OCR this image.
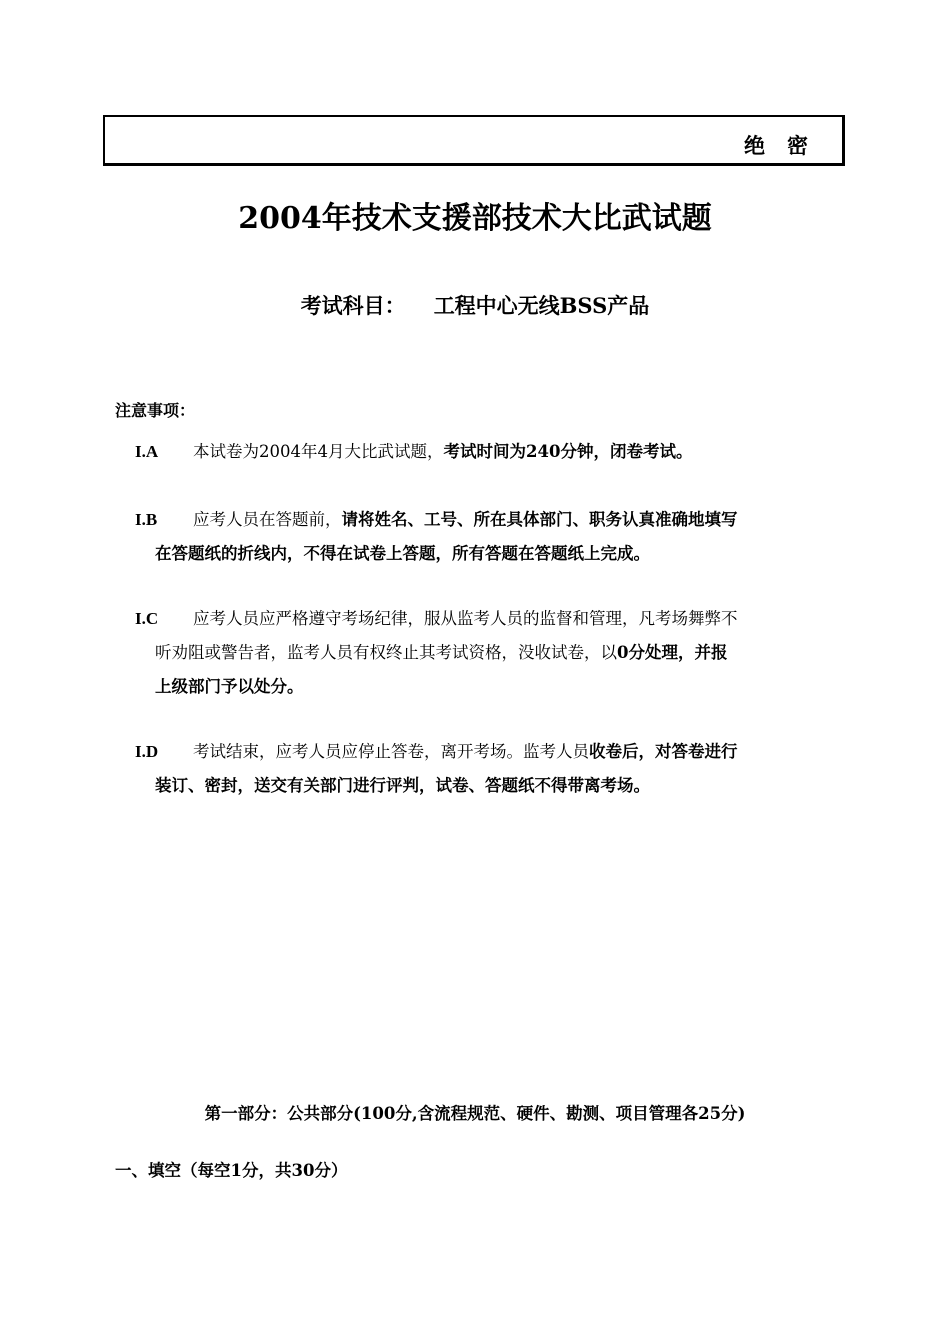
绝密
2004年技术支援部技术大比武试题
考试科目： 工程中心无线BSS产品
注意事项：
I.A	本试卷为2004年4月大比武试题，考试时间为240分钟，闭卷考试。
I.B	应考人员在答题前，请将姓名、工号、所在具体部门、职务认真准确地填写
在答题纸的折线内，不得在试卷上答题，所有答题在答题纸上完成。
I.C	应考人员应严格遵守考场纪律，服从监考人员的监督和管理，凡考场舞弊不
听劝阻或警告者，监考人员有权终止其考试资格，没收试卷，以0分处理，并报
上级部门予以处分。
I.D	考试结束，应考人员应停止答卷，离开考场。监考人员收卷后，对答卷进行
装订、密封，送交有关部门进行评判，试卷、答题纸不得带离考场。
第一部分：公共部分(100分,含流程规范、硬件、勘测、项目管理各25分)
一、填空（每空1分，共30分）
